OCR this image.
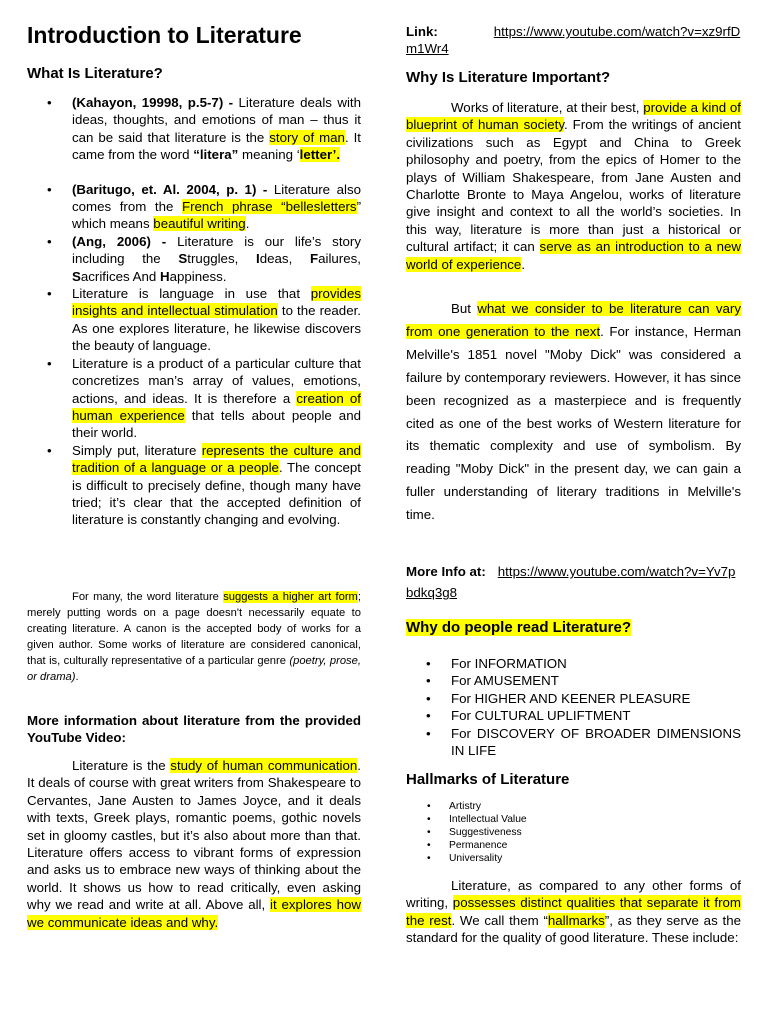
Introduction to Literature
What Is Literature?
• (Kahayon, 19998, p.5-7) - Literature deals with ideas, thoughts, and emotions of man – thus it can be said that literature is the story of man. It came from the word “litera” meaning ‘letter’.
• (Baritugo, et. Al. 2004, p. 1) - Literature also comes from the French phrase “bellesletters” which means beautiful writing.
• (Ang, 2006) - Literature is our life’s story including the Struggles, Ideas, Failures, Sacrifices And Happiness.
• Literature is language in use that provides insights and intellectual stimulation to the reader. As one explores literature, he likewise discovers the beauty of language.
• Literature is a product of a particular culture that concretizes man’s array of values, emotions, actions, and ideas. It is therefore a creation of human experience that tells about people and their world.
• Simply put, literature represents the culture and tradition of a language or a people. The concept is difficult to precisely define, though many have tried; it’s clear that the accepted definition of literature is constantly changing and evolving.

For many, the word literature suggests a higher art form; merely putting words on a page doesn't necessarily equate to creating literature. A canon is the accepted body of works for a given author. Some works of literature are considered canonical, that is, culturally representative of a particular genre (poetry, prose, or drama).

More information about literature from the provided YouTube Video:

Literature is the study of human communication. It deals of course with great writers from Shakespeare to Cervantes, Jane Austen to James Joyce, and it deals with texts, Greek plays, romantic poems, gothic novels set in gloomy castles, but it’s also about more than that. Literature offers access to vibrant forms of expression and asks us to embrace new ways of thinking about the world. It shows us how to read critically, even asking why we read and write at all. Above all, it explores how we communicate ideas and why.

Link:	https://www.youtube.com/watch?v=xz9rfDm1Wr4

Why Is Literature Important?

Works of literature, at their best, provide a kind of blueprint of human society. From the writings of ancient civilizations such as Egypt and China to Greek philosophy and poetry, from the epics of Homer to the plays of William Shakespeare, from Jane Austen and Charlotte Bronte to Maya Angelou, works of literature give insight and context to all the world’s societies. In this way, literature is more than just a historical or cultural artifact; it can serve as an introduction to a new world of experience.

But what we consider to be literature can vary from one generation to the next. For instance, Herman Melville's 1851 novel "Moby Dick" was considered a failure by contemporary reviewers. However, it has since been recognized as a masterpiece and is frequently cited as one of the best works of Western literature for its thematic complexity and use of symbolism. By reading "Moby Dick" in the present day, we can gain a fuller understanding of literary traditions in Melville's time.

More Info at: https://www.youtube.com/watch?v=Yv7pbdkq3g8

Why do people read Literature?
• For INFORMATION
• For AMUSEMENT
• For HIGHER AND KEENER PLEASURE
• For CULTURAL UPLIFTMENT
• For DISCOVERY OF BROADER DIMENSIONS IN LIFE
Hallmarks of Literature
• Artistry
• Intellectual Value
• Suggestiveness
• Permanence
• Universality

Literature, as compared to any other forms of writing, possesses distinct qualities that separate it from the rest. We call them “hallmarks”, as they serve as the standard for the quality of good literature. These include:
